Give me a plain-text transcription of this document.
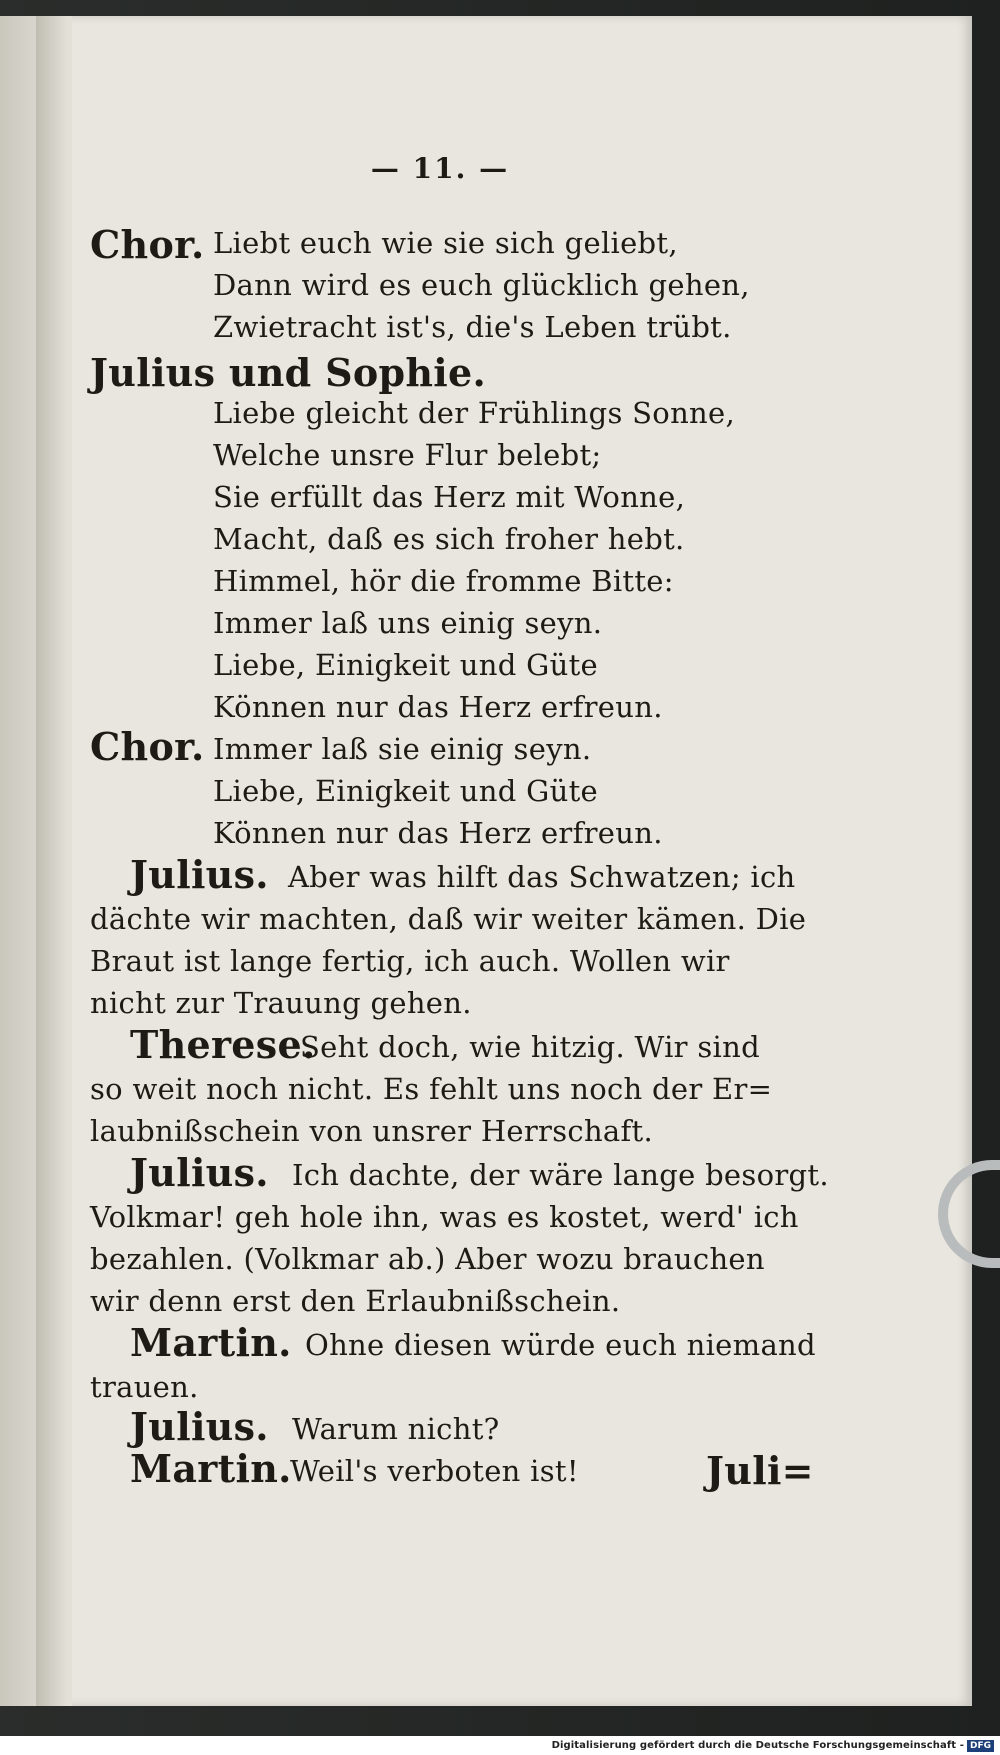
— 11. —
Chor. Liebt euch wie sie sich geliebt,
Dann wird es euch glücklich gehen,
Zwietracht ist's, die's Leben trübt.
Julius und Sophie.
Liebe gleicht der Frühlings Sonne,
Welche unsre Flur belebt;
Sie erfüllt das Herz mit Wonne,
Macht, daß es sich froher hebt.
Himmel, hör die fromme Bitte:
Immer laß uns einig seyn.
Liebe, Einigkeit und Güte
Können nur das Herz erfreun.
Chor. Immer laß sie einig seyn.
Liebe, Einigkeit und Güte
Können nur das Herz erfreun.
Julius. Aber was hilft das Schwatzen; ich
dächte wir machten, daß wir weiter kämen. Die
Braut ist lange fertig, ich auch. Wollen wir
nicht zur Trauung gehen.
Therese.
Seht doch, wie hitzig. Wir sind
so weit noch nicht. Es fehlt uns noch der Er=
laubnißschein von unsrer Herrschaft.
Julius. Ich dachte, der wäre lange besorgt.
Volkmar! geh hole ihn, was es kostet, werd' ich
bezahlen. (Volkmar ab.) Aber wozu brauchen
wir denn erst den Erlaubnißschein.
Martin. Ohne diesen würde euch niemand
trauen.
Julius. Warum nicht?
Martin.
Weil's verboten ist!	Juli=
Digitalisierung gefördert durch die Deutsche Forschungsgemeinschaft - DFG
